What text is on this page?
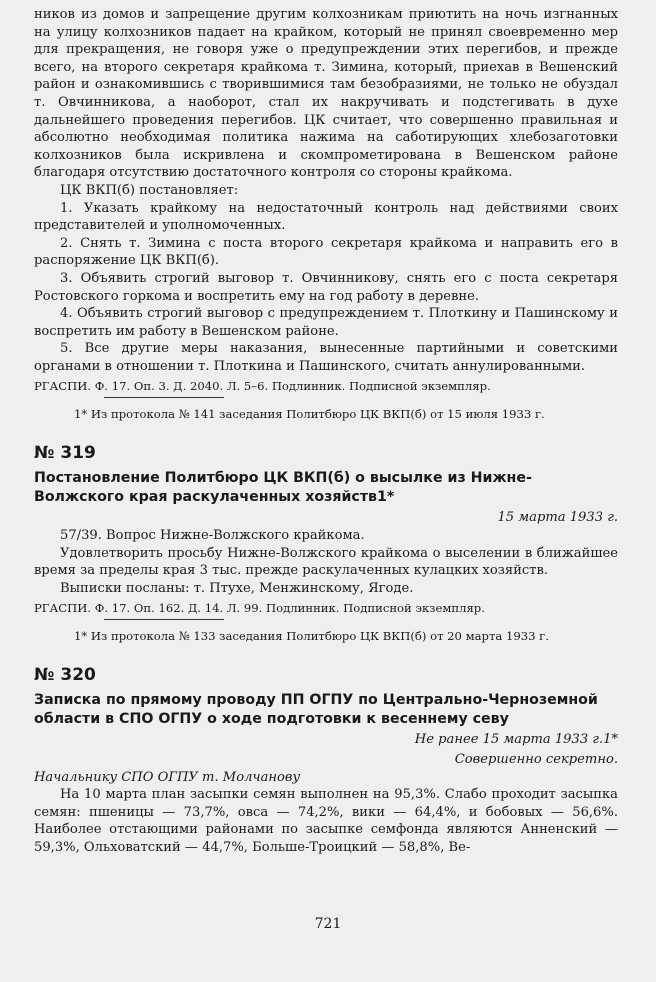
ников из домов и запрещение другим колхозникам приютить на ночь изгнанных на улицу колхозников падает на крайком, который не принял своевременно мер для прекращения, не говоря уже о предупреждении этих перегибов, и прежде всего, на второго секретаря крайкома т. Зимина, который, приехав в Вешенский район и ознакомившись с творившимися там безобразиями, не только не обуздал т. Овчинникова, а наоборот, стал их накручивать и подстегивать в духе дальнейшего проведения перегибов. ЦК считает, что совершенно правильная и абсолютно необходимая политика нажима на саботирующих хлебозаготовки колхозников была искривлена и скомпрометирована в Вешенском районе благодаря отсутствию достаточного контроля со стороны крайкома.

ЦК ВКП(б) постановляет:

1. Указать крайкому на недостаточный контроль над действиями своих представителей и уполномоченных.

2. Снять т. Зимина с поста второго секретаря крайкома и направить его в распоряжение ЦК ВКП(б).

3. Объявить строгий выговор т. Овчинникову, снять его с поста секретаря Ростовского горкома и воспретить ему на год работу в деревне.

4. Объявить строгий выговор с предупреждением т. Плоткину и Пашинскому и воспретить им работу в Вешенском районе.

5. Все другие меры наказания, вынесенные партийными и советскими органами в отношении т. Плоткина и Пашинского, считать аннулированными.

РГАСПИ. Ф. 17. Оп. 3. Д. 2040. Л. 5–6. Подлинник. Подписной экземпляр.

1* Из протокола № 141 заседания Политбюро ЦК ВКП(б) от 15 июля 1933 г.

№ 319
Постановление Политбюро ЦК ВКП(б) о высылке из Нижне-Волжского края раскулаченных хозяйств1*
15 марта 1933 г.

57/39. Вопрос Нижне-Волжского крайкома.

Удовлетворить просьбу Нижне-Волжского крайкома о выселении в ближайшее время за пределы края 3 тыс. прежде раскулаченных кулацких хозяйств.

Выписки посланы: т. Птухе, Менжинскому, Ягоде.

РГАСПИ. Ф. 17. Оп. 162. Д. 14. Л. 99. Подлинник. Подписной экземпляр.

1* Из протокола № 133 заседания Политбюро ЦК ВКП(б) от 20 марта 1933 г.

№ 320
Записка по прямому проводу ПП ОГПУ по Центрально-Черноземной области в СПО ОГПУ о ходе подготовки к весеннему севу
Не ранее 15 марта 1933 г.1*
Совершенно секретно.

Начальнику СПО ОГПУ т. Молчанову

На 10 марта план засыпки семян выполнен на 95,3%. Слабо проходит засыпка семян: пшеницы — 73,7%, овса — 74,2%, вики — 64,4%, и бобовых — 56,6%. Наиболее отстающими районами по засыпке семфонда являются Анненский — 59,3%, Ольховатский — 44,7%, Больше-Троицкий — 58,8%, Ве-

721
